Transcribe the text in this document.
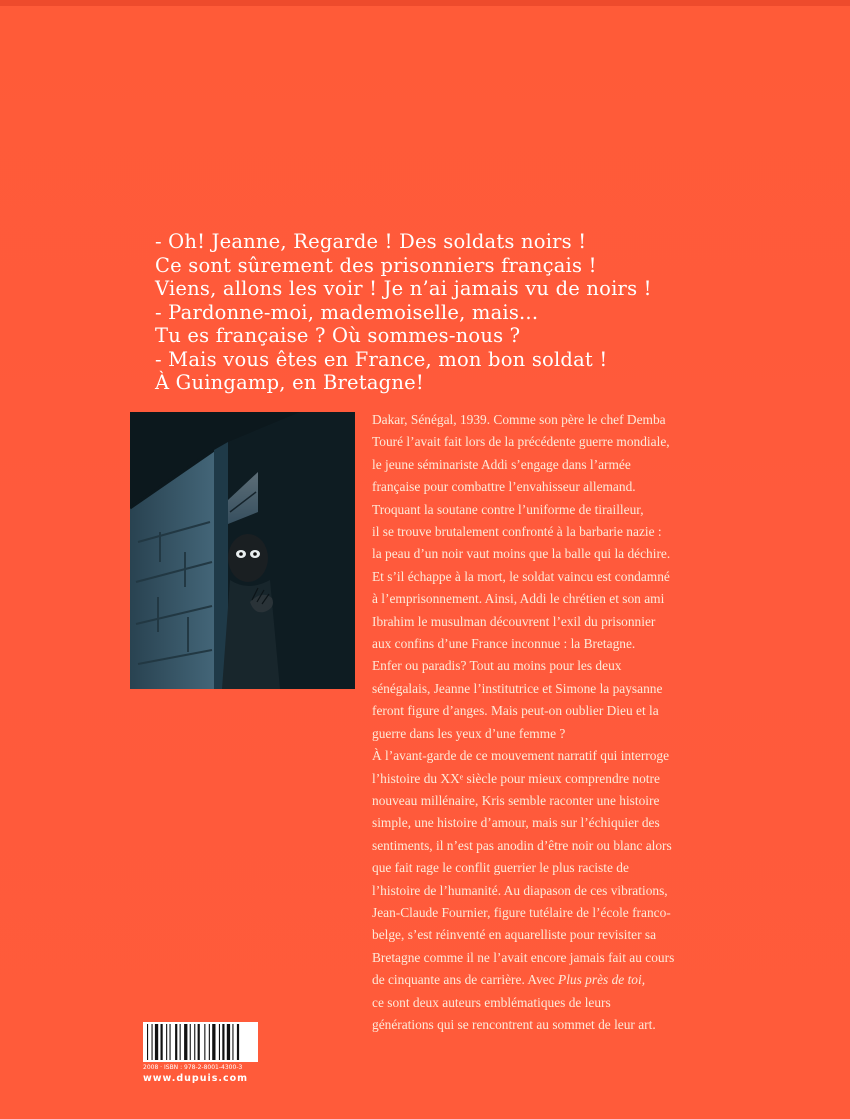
- Oh! Jeanne, Regarde ! Des soldats noirs !
Ce sont sûrement des prisonniers français !
Viens, allons les voir ! Je n’ai jamais vu de noirs !
- Pardonne-moi, mademoiselle, mais...
Tu es française ? Où sommes-nous ?
- Mais vous êtes en France, mon bon soldat !
À Guingamp, en Bretagne!
Dakar, Sénégal, 1939. Comme son père le chef Demba
Touré l’avait fait lors de la précédente guerre mondiale,
le jeune séminariste Addi s’engage dans l’armée
française pour combattre l’envahisseur allemand.
Troquant la soutane contre l’uniforme de tirailleur,
il se trouve brutalement confronté à la barbarie nazie :
la peau d’un noir vaut moins que la balle qui la déchire.
Et s’il échappe à la mort, le soldat vaincu est condamné
à l’emprisonnement. Ainsi, Addi le chrétien et son ami
Ibrahim le musulman découvrent l’exil du prisonnier
aux confins d’une France inconnue : la Bretagne.
Enfer ou paradis? Tout au moins pour les deux
sénégalais, Jeanne l’institutrice et Simone la paysanne
feront figure d’anges. Mais peut-on oublier Dieu et la
guerre dans les yeux d’une femme ?
À l’avant-garde de ce mouvement narratif qui interroge
l’histoire du XXᵉ siècle pour mieux comprendre notre
nouveau millénaire, Kris semble raconter une histoire
simple, une histoire d’amour, mais sur l’échiquier des
sentiments, il n’est pas anodin d’être noir ou blanc alors
que fait rage le conflit guerrier le plus raciste de
l’histoire de l’humanité. Au diapason de ces vibrations,
Jean-Claude Fournier, figure tutélaire de l’école franco-
belge, s’est réinventé en aquarelliste pour revisiter sa
Bretagne comme il ne l’avait encore jamais fait au cours
de cinquante ans de carrière. Avec Plus près de toi,
ce sont deux auteurs emblématiques de leurs
générations qui se rencontrent au sommet de leur art.
2008 · ISBN : 978-2-8001-4300-3
www.dupuis.com
